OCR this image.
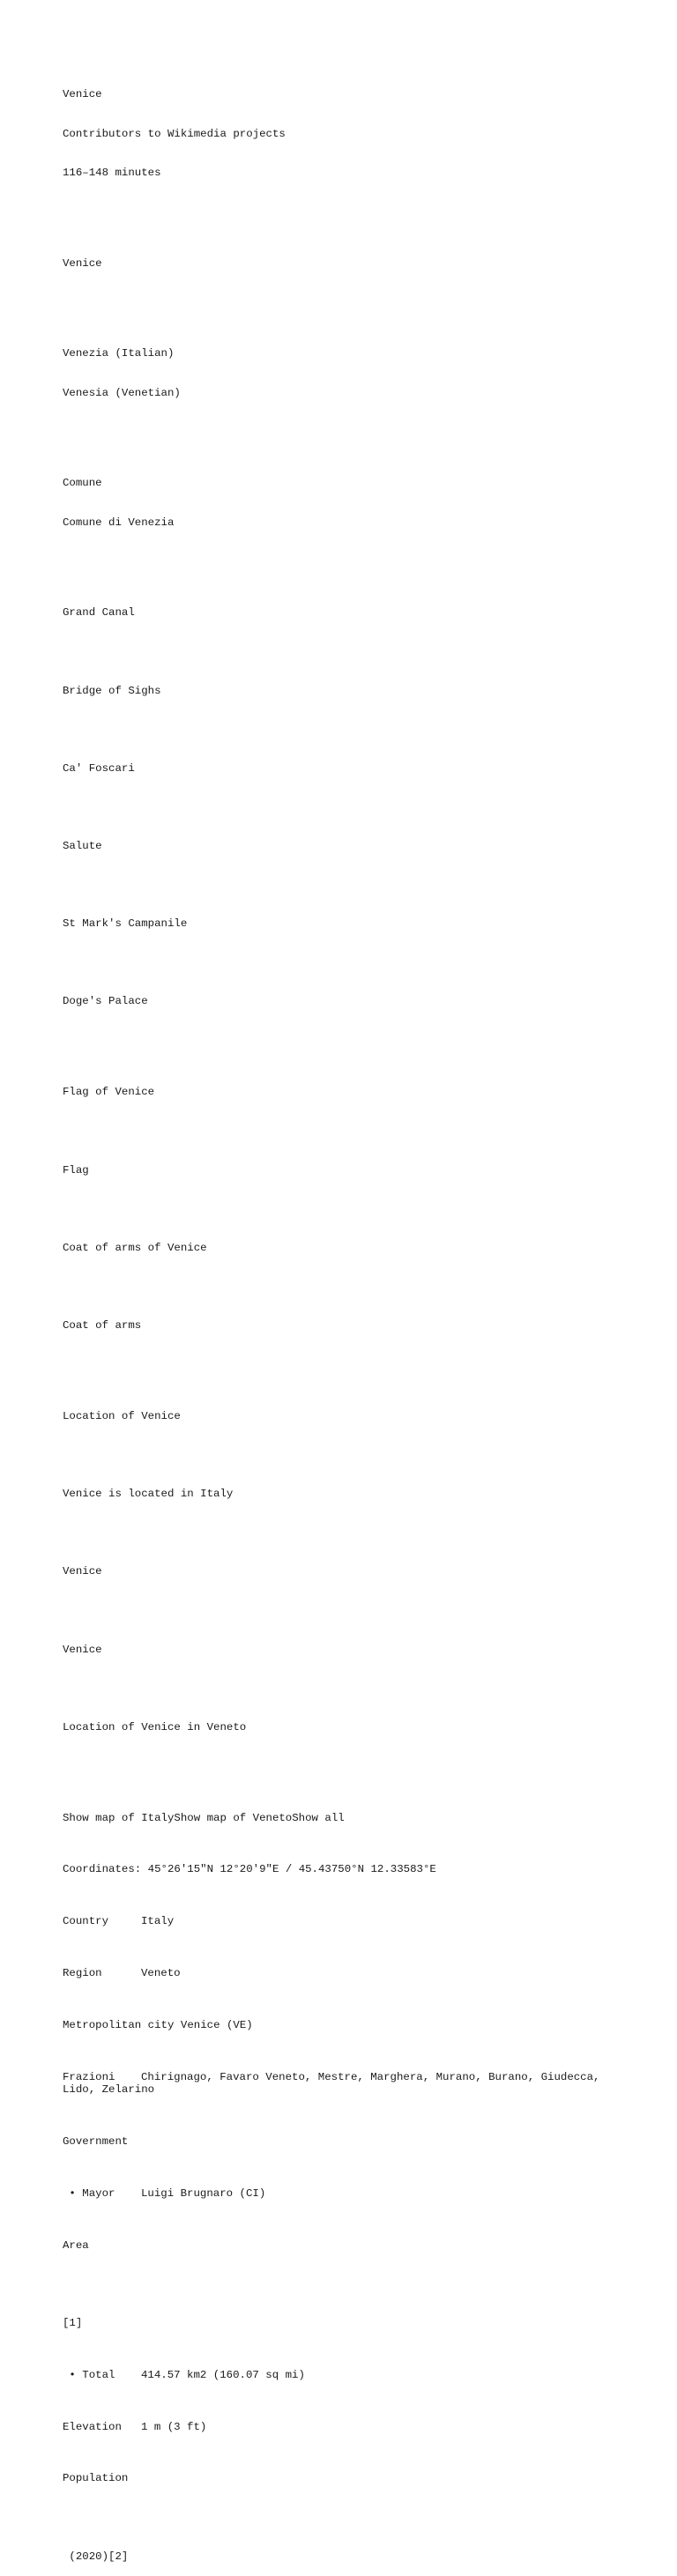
Venice

Contributors to Wikimedia projects

116–148 minutes

Venice

Venezia (Italian)

Venesia (Venetian)

Comune

Comune di Venezia

Grand Canal

Bridge of Sighs

Ca' Foscari

Salute

St Mark's Campanile

Doge's Palace

Flag of Venice

Flag

Coat of arms of Venice

Coat of arms

Location of Venice

Venice is located in Italy

Venice

Venice

Location of Venice in Veneto

Show map of ItalyShow map of VenetoShow all

Coordinates: 45°26′15″N 12°20′9″E / 45.43750°N 12.33583°E

Country	Italy

Region	Veneto

Metropolitan city Venice (VE)

Frazioni Chirignago, Favaro Veneto, Mestre, Marghera, Murano, Burano, Giudecca, Lido, Zelarino

Government

• Mayor	Luigi Brugnaro (CI)

Area

[1]

• Total	414.57 km2 (160.07 sq mi)

Elevation	1 m (3 ft)

Population

(2020)[2]
